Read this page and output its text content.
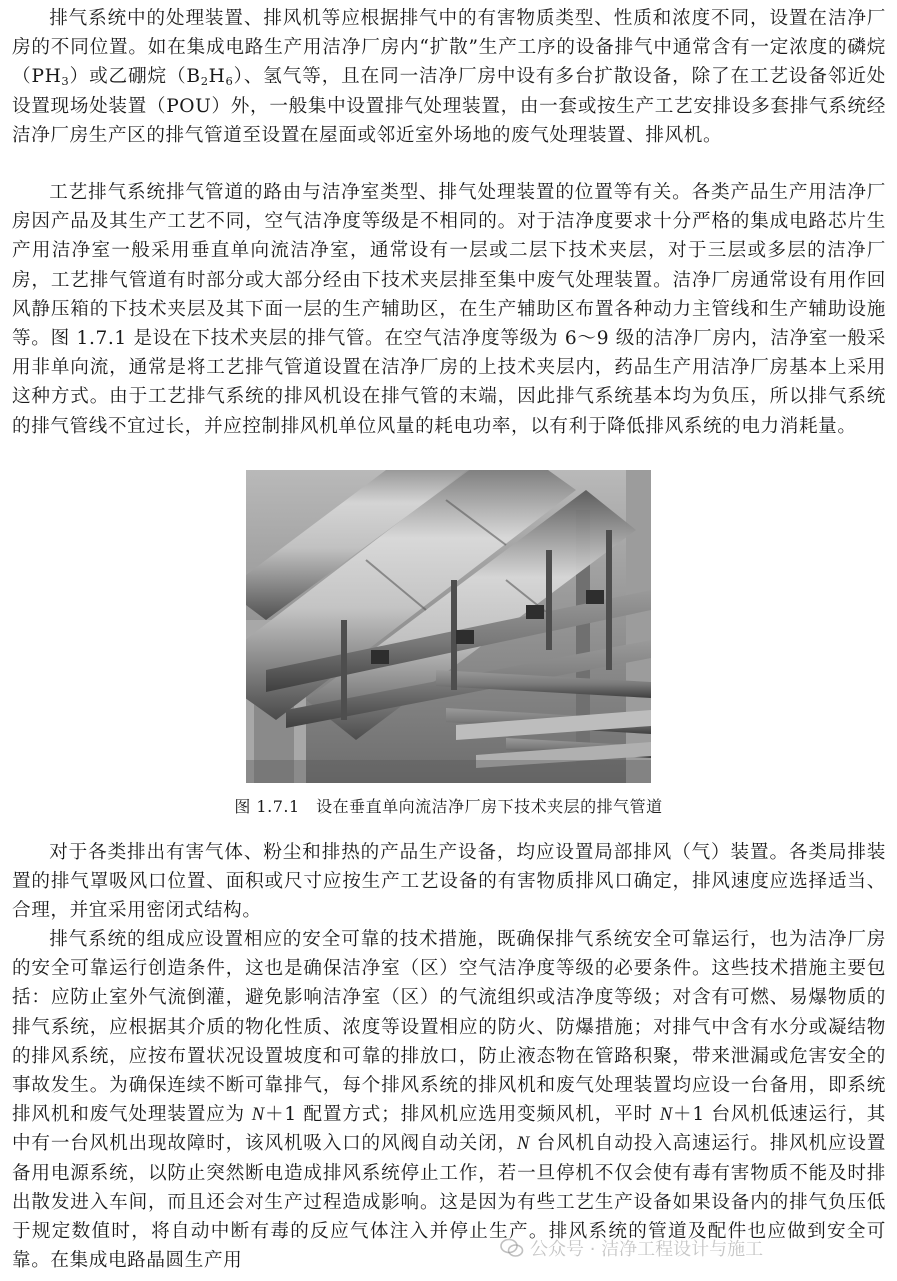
排气系统中的处理装置、排风机等应根据排气中的有害物质类型、性质和浓度不同，设置在洁净厂房的不同位置。如在集成电路生产用洁净厂房内“扩散”生产工序的设备排气中通常含有一定浓度的磷烷$(PH_3)$或乙硼烷$(B_2H_6)$、氢气等，且在同一洁净厂房中设有多台扩散设备，除了在工艺设备邻近处设置现场处装置（POU）外，一般集中设置排气处理装置，由一套或按生产工艺安排设多套排气系统经洁净厂房生产区的排气管道至设置在屋面或邻近室外场地的废气处理装置、排风机。

工艺排气系统排气管道的路由与洁净室类型、排气处理装置的位置等有关。各类产品生产用洁净厂房因产品及其生产工艺不同，空气洁净度等级是不相同的。对于洁净度要求十分严格的集成电路芯片生产用洁净室一般采用垂直单向流洁净室，通常设有一层或二层下技术夹层，对于三层或多层的洁净厂房，工艺排气管道有时部分或大部分经由下技术夹层排至集中废气处理装置。洁净厂房通常设有用作回风静压箱的下技术夹层及其下面一层的生产辅助区，在生产辅助区布置各种动力主管线和生产辅助设施等。图 1.7.1 是设在下技术夹层的排气管。在空气洁净度等级为 6～9 级的洁净厂房内，洁净室一般采用非单向流，通常是将工艺排气管道设置在洁净厂房的上技术夹层内，药品生产用洁净厂房基本上采用这种方式。由于工艺排气系统的排风机设在排气管的末端，因此排气系统基本均为负压，所以排气系统的排气管线不宜过长，并应控制排风机单位风量的耗电功率，以有利于降低排风系统的电力消耗量。

图 1.7.1　设在垂直单向流洁净厂房下技术夹层的排气管道

对于各类排出有害气体、粉尘和排热的产品生产设备，均应设置局部排风（气）装置。各类局排装置的排气罩吸风口位置、面积或尺寸应按生产工艺设备的有害物质排风口确定，排风速度应选择适当、合理，并宜采用密闭式结构。

排气系统的组成应设置相应的安全可靠的技术措施，既确保排气系统安全可靠运行，也为洁净厂房的安全可靠运行创造条件，这也是确保洁净室（区）空气洁净度等级的必要条件。这些技术措施主要包括：应防止室外气流倒灌，避免影响洁净室（区）的气流组织或洁净度等级；对含有可燃、易爆物质的排气系统，应根据其介质的物化性质、浓度等设置相应的防火、防爆措施；对排气中含有水分或凝结物的排风系统，应按布置状况设置坡度和可靠的排放口，防止液态物在管路积聚，带来泄漏或危害安全的事故发生。为确保连续不断可靠排气，每个排风系统的排风机和废气处理装置均应设一台备用，即系统排风机和废气处理装置应为 N＋1 配置方式；排风机应选用变频风机，平时 N＋1 台风机低速运行，其中有一台风机出现故障时，该风机吸入口的风阀自动关闭，N 台风机自动投入高速运行。排风机应设置备用电源系统，以防止突然断电造成排风系统停止工作，若一旦停机不仅会使有毒有害物质不能及时排出散发进入车间，而且还会对生产过程造成影响。这是因为有些工艺生产设备如果设备内的排气负压低于规定数值时，将自动中断有毒的反应气体注入并停止生产。排风系统的管道及配件也应做到安全可靠。在集成电路晶圆生产用

公众号 · 洁净工程设计与施工
